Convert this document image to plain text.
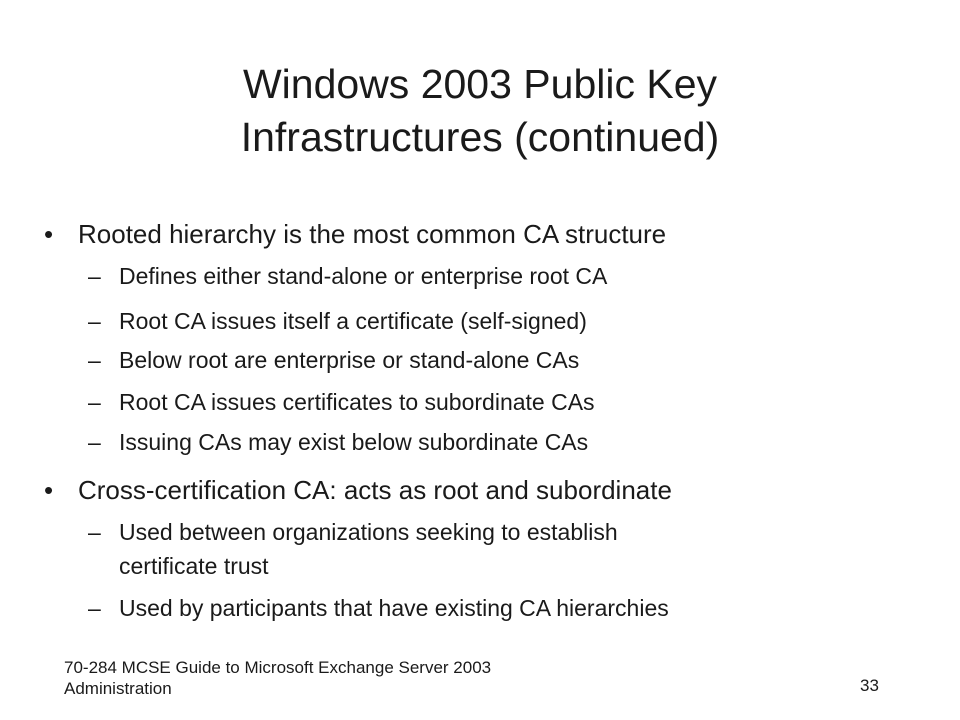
Windows 2003 Public Key
Infrastructures (continued)
• Rooted hierarchy is the most common CA structure
– Defines either stand-alone or enterprise root CA
– Root CA issues itself a certificate (self-signed)
– Below root are enterprise or stand-alone CAs
– Root CA issues certificates to subordinate CAs
– Issuing CAs may exist below subordinate CAs
• Cross-certification CA: acts as root and subordinate
– Used between organizations seeking to establish
certificate trust
– Used by participants that have existing CA hierarchies
70-284 MCSE Guide to Microsoft Exchange Server 2003
Administration	33
